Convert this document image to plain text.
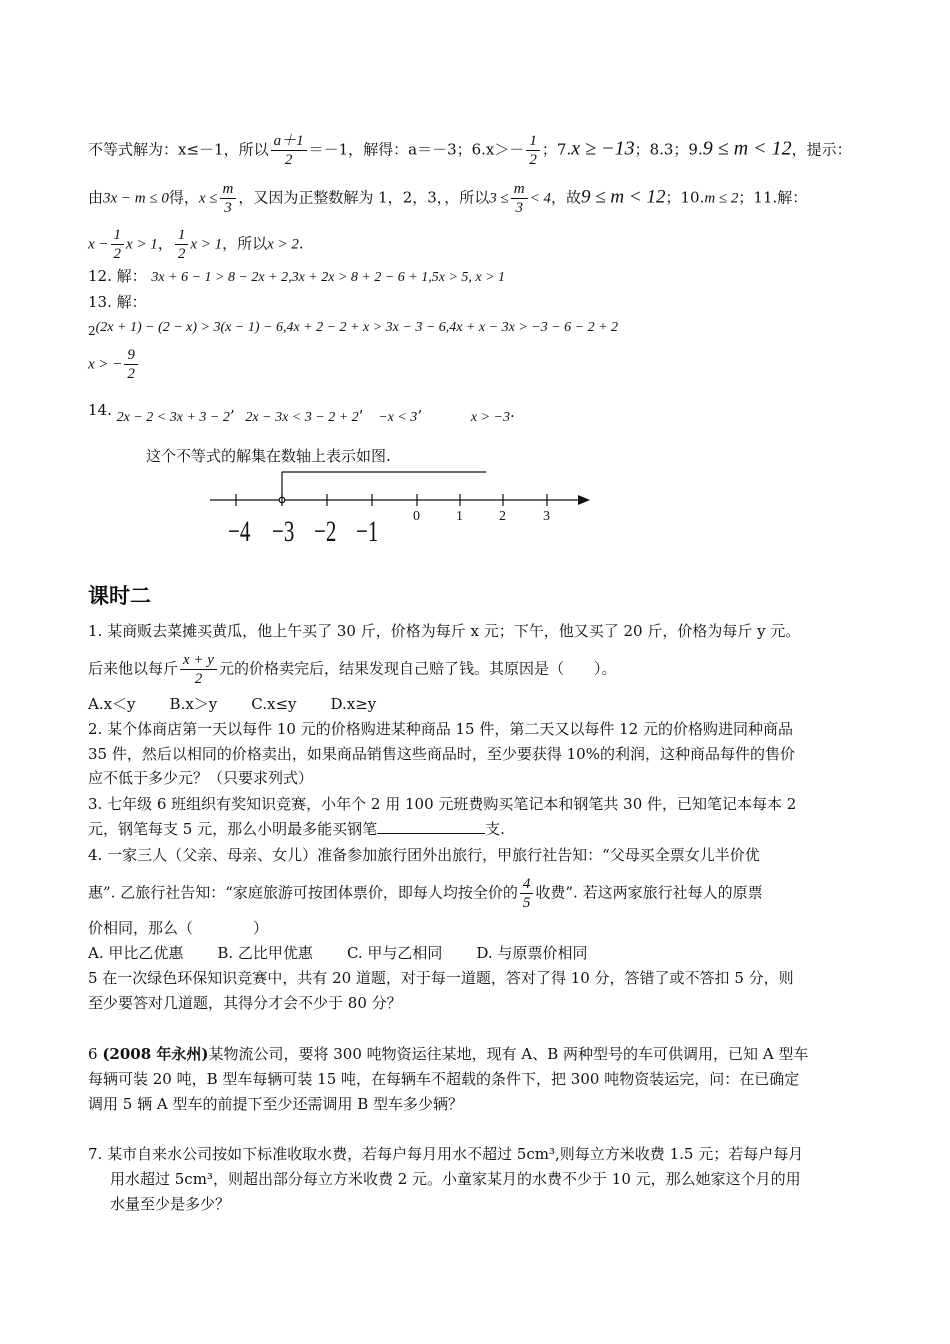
不等式解为：x≤－1，所以 $\frac{a+1}{2} =-1$，解得：a＝－3；$6.x>- \frac{1}{2}$ ；7.x ≥ −13；8.3；9.9 ≤ m < 12，提示：
由3x − m ≤ 0得，$x \le \frac{m}{3}$ ，又因为正整数解为 1，2，3，，所以$3 \le \frac{m}{3} < 4$，故9 ≤ m < 12；10.m ≤ 2；11.解：
$x - \frac{1}{2}$ x > 1， $\frac{1}{2}$ x > 1，所以x > 2.
12. 解： 3x + 6 − 1 > 8 − 2x + 2,3x + 2x > 8 + 2 − 6 + 1,5x > 5, x > 1
13. 解：
$_2$(2x + 1) − (2 − x) > 3(x − 1) − 6,4x + 2 − 2 + x > 3x − 3 − 6,4x + x − 3x > −3 − 6 − 2 + 2
x > − $\frac{9}{2}$
14. 2x − 2 < 3x + 3 − 2’ 2x − 3x < 3 − 2 + 2’ −x < 3’	x > −3·
这个不等式的解集在数轴上表示如图.
0	1	2	3
−4 −3 −2 −1
课时二
1. 某商贩去菜摊买黄瓜，他上午买了 30 斤，价格为每斤 x 元；下午，他又买了 20 斤，价格为每斤 y 元。
后来他以每斤 $\frac{x + y}{2}$ 元的价格卖完后，结果发现自己赔了钱。其原因是（　　）。
A.x＜y B.x＞y C.x≤y D.x≥y
2. 某个体商店第一天以每件 10 元的价格购进某种商品 15 件，第二天又以每件 12 元的价格购进同种商品
35 件，然后以相同的价格卖出，如果商品销售这些商品时，至少要获得 10%的利润，这种商品每件的售价
应不低于多少元？（只要求列式）
3. 七年级 6 班组织有奖知识竞赛，小年个 2 用 100 元班费购买笔记本和钢笔共 30 件，已知笔记本每本 2
元，钢笔每支 5 元，那么小明最多能买钢笔	支.
4. 一家三人（父亲、母亲、女儿）准备参加旅行团外出旅行，甲旅行社告知：“父母买全票女儿半价优
惠”. 乙旅行社告知：“家庭旅游可按团体票价，即每人均按全价的 $\frac{4}{5}$ 收费”. 若这两家旅行社每人的原票
价相同，那么（　　　　）
A. 甲比乙优惠 B. 乙比甲优惠 C. 甲与乙相同 D. 与原票价相同
5 在一次绿色环保知识竞赛中，共有 20 道题，对于每一道题，答对了得 10 分，答错了或不答扣 5 分，则
至少要答对几道题，其得分才会不少于 80 分？
6 (2008 年永州)某物流公司，要将 300 吨物资运往某地，现有 A、B 两种型号的车可供调用，已知 A 型车
每辆可装 20 吨，B 型车每辆可装 15 吨，在每辆车不超载的条件下，把 300 吨物资装运完，问：在已确定
调用 5 辆 A 型车的前提下至少还需调用 B 型车多少辆？
7. 某市自来水公司按如下标准收取水费，若每户每月用水不超过 5cm³,则每立方米收费 1.5 元；若每户每月
用水超过 5cm³，则超出部分每立方米收费 2 元。小童家某月的水费不少于 10 元，那么她家这个月的用
水量至少是多少？
